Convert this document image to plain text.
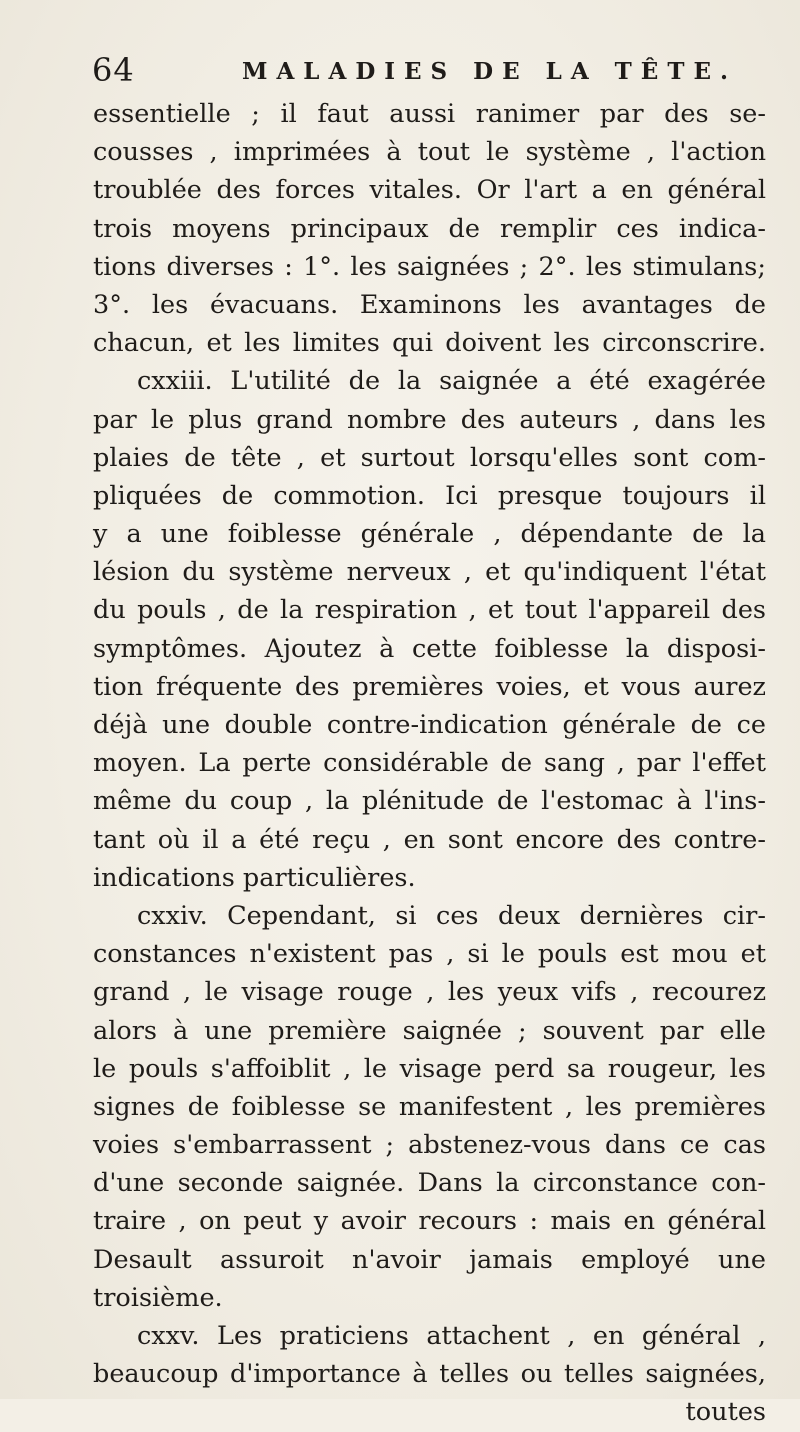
64	MALADIES DE LA TÊTE.
essentielle ; il faut aussi ranimer par des se-
cousses , imprimées à tout le système , l'action
troublée des forces vitales. Or l'art a en général
trois moyens principaux de remplir ces indica-
tions diverses : 1°. les saignées ; 2°. les stimulans;
3°. les évacuans. Examinons les avantages de
chacun, et les limites qui doivent les circonscrire.
cxxiii. L'utilité de la saignée a été exagérée
par le plus grand nombre des auteurs , dans les
plaies de tête , et surtout lorsqu'elles sont com-
pliquées de commotion. Ici presque toujours il
y a une foiblesse générale , dépendante de la
lésion du système nerveux , et qu'indiquent l'état
du pouls , de la respiration , et tout l'appareil des
symptômes. Ajoutez à cette foiblesse la disposi-
tion fréquente des premières voies, et vous aurez
déjà une double contre-indication générale de ce
moyen. La perte considérable de sang , par l'effet
même du coup , la plénitude de l'estomac à l'ins-
tant où il a été reçu , en sont encore des contre-
indications particulières.
cxxiv. Cependant, si ces deux dernières cir-
constances n'existent pas , si le pouls est mou et
grand , le visage rouge , les yeux vifs , recourez
alors à une première saignée ; souvent par elle
le pouls s'affoiblit , le visage perd sa rougeur, les
signes de foiblesse se manifestent , les premières
voies s'embarrassent ; abstenez-vous dans ce cas
d'une seconde saignée. Dans la circonstance con-
traire , on peut y avoir recours : mais en général
Desault assuroit n'avoir jamais employé une
troisième.
cxxv. Les praticiens attachent , en général ,
beaucoup d'importance à telles ou telles saignées,
toutes
